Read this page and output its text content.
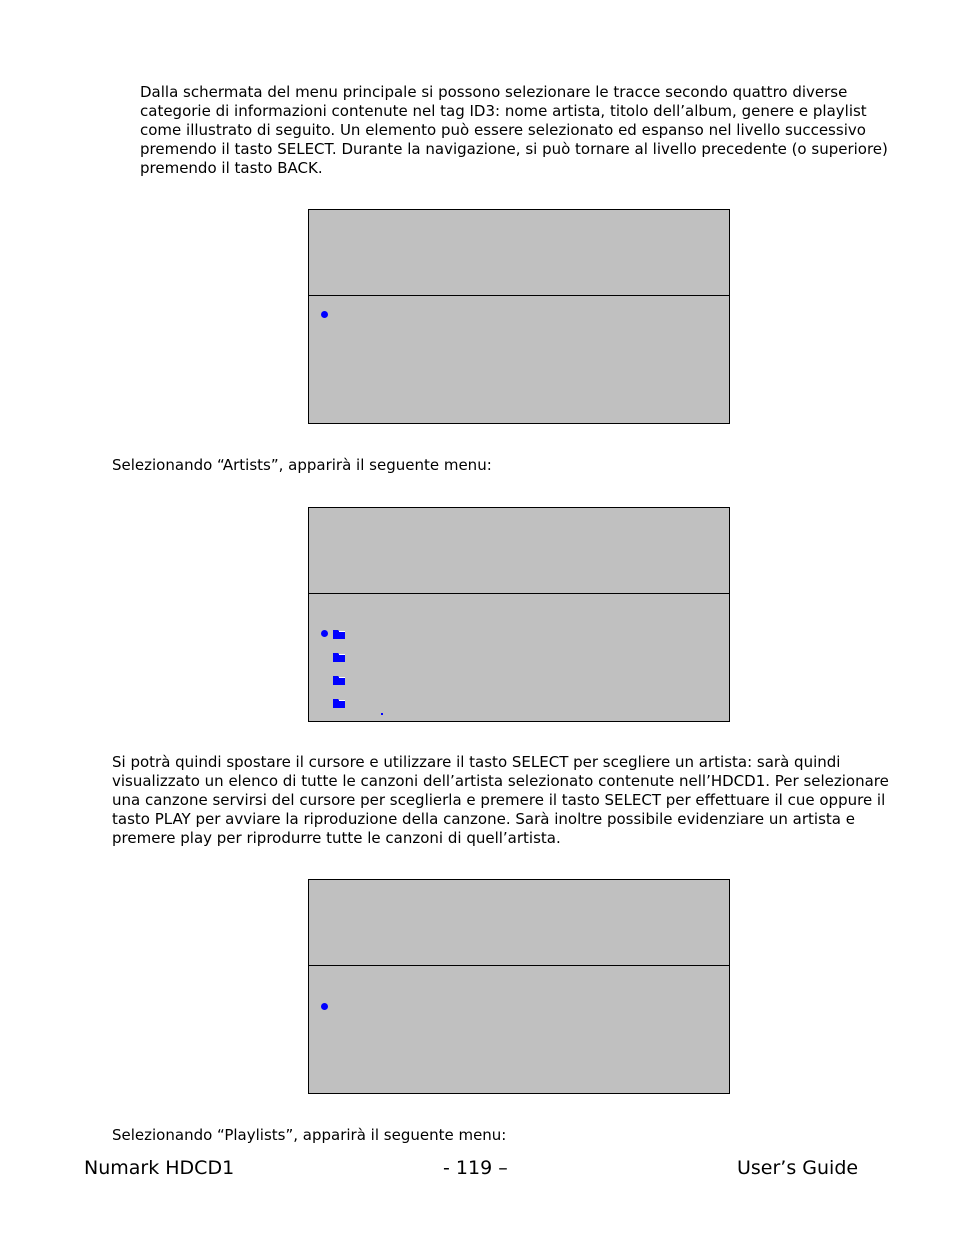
Dalla schermata del menu principale si possono selezionare le tracce secondo quattro diverse categorie di informazioni contenute nel tag ID3: nome artista, titolo dell’album, genere e playlist come illustrato di seguito. Un elemento può essere selezionato ed espanso nel livello successivo premendo il tasto SELECT. Durante la navigazione, si può tornare al livello precedente (o superiore) premendo il tasto BACK.

Selezionando “Artists”, apparirà il seguente menu:

Si potrà quindi spostare il cursore e utilizzare il tasto SELECT per scegliere un artista: sarà quindi visualizzato un elenco di tutte le canzoni dell’artista selezionato contenute nell’HDCD1. Per selezionare una canzone servirsi del cursore per sceglierla e premere il tasto SELECT per effettuare il cue oppure il tasto PLAY per avviare la riproduzione della canzone. Sarà inoltre possibile evidenziare un artista e premere play per riprodurre tutte le canzoni di quell’artista.

Selezionando “Playlists”, apparirà il seguente menu:

Numark HDCD1	- 119 –	User’s Guide
